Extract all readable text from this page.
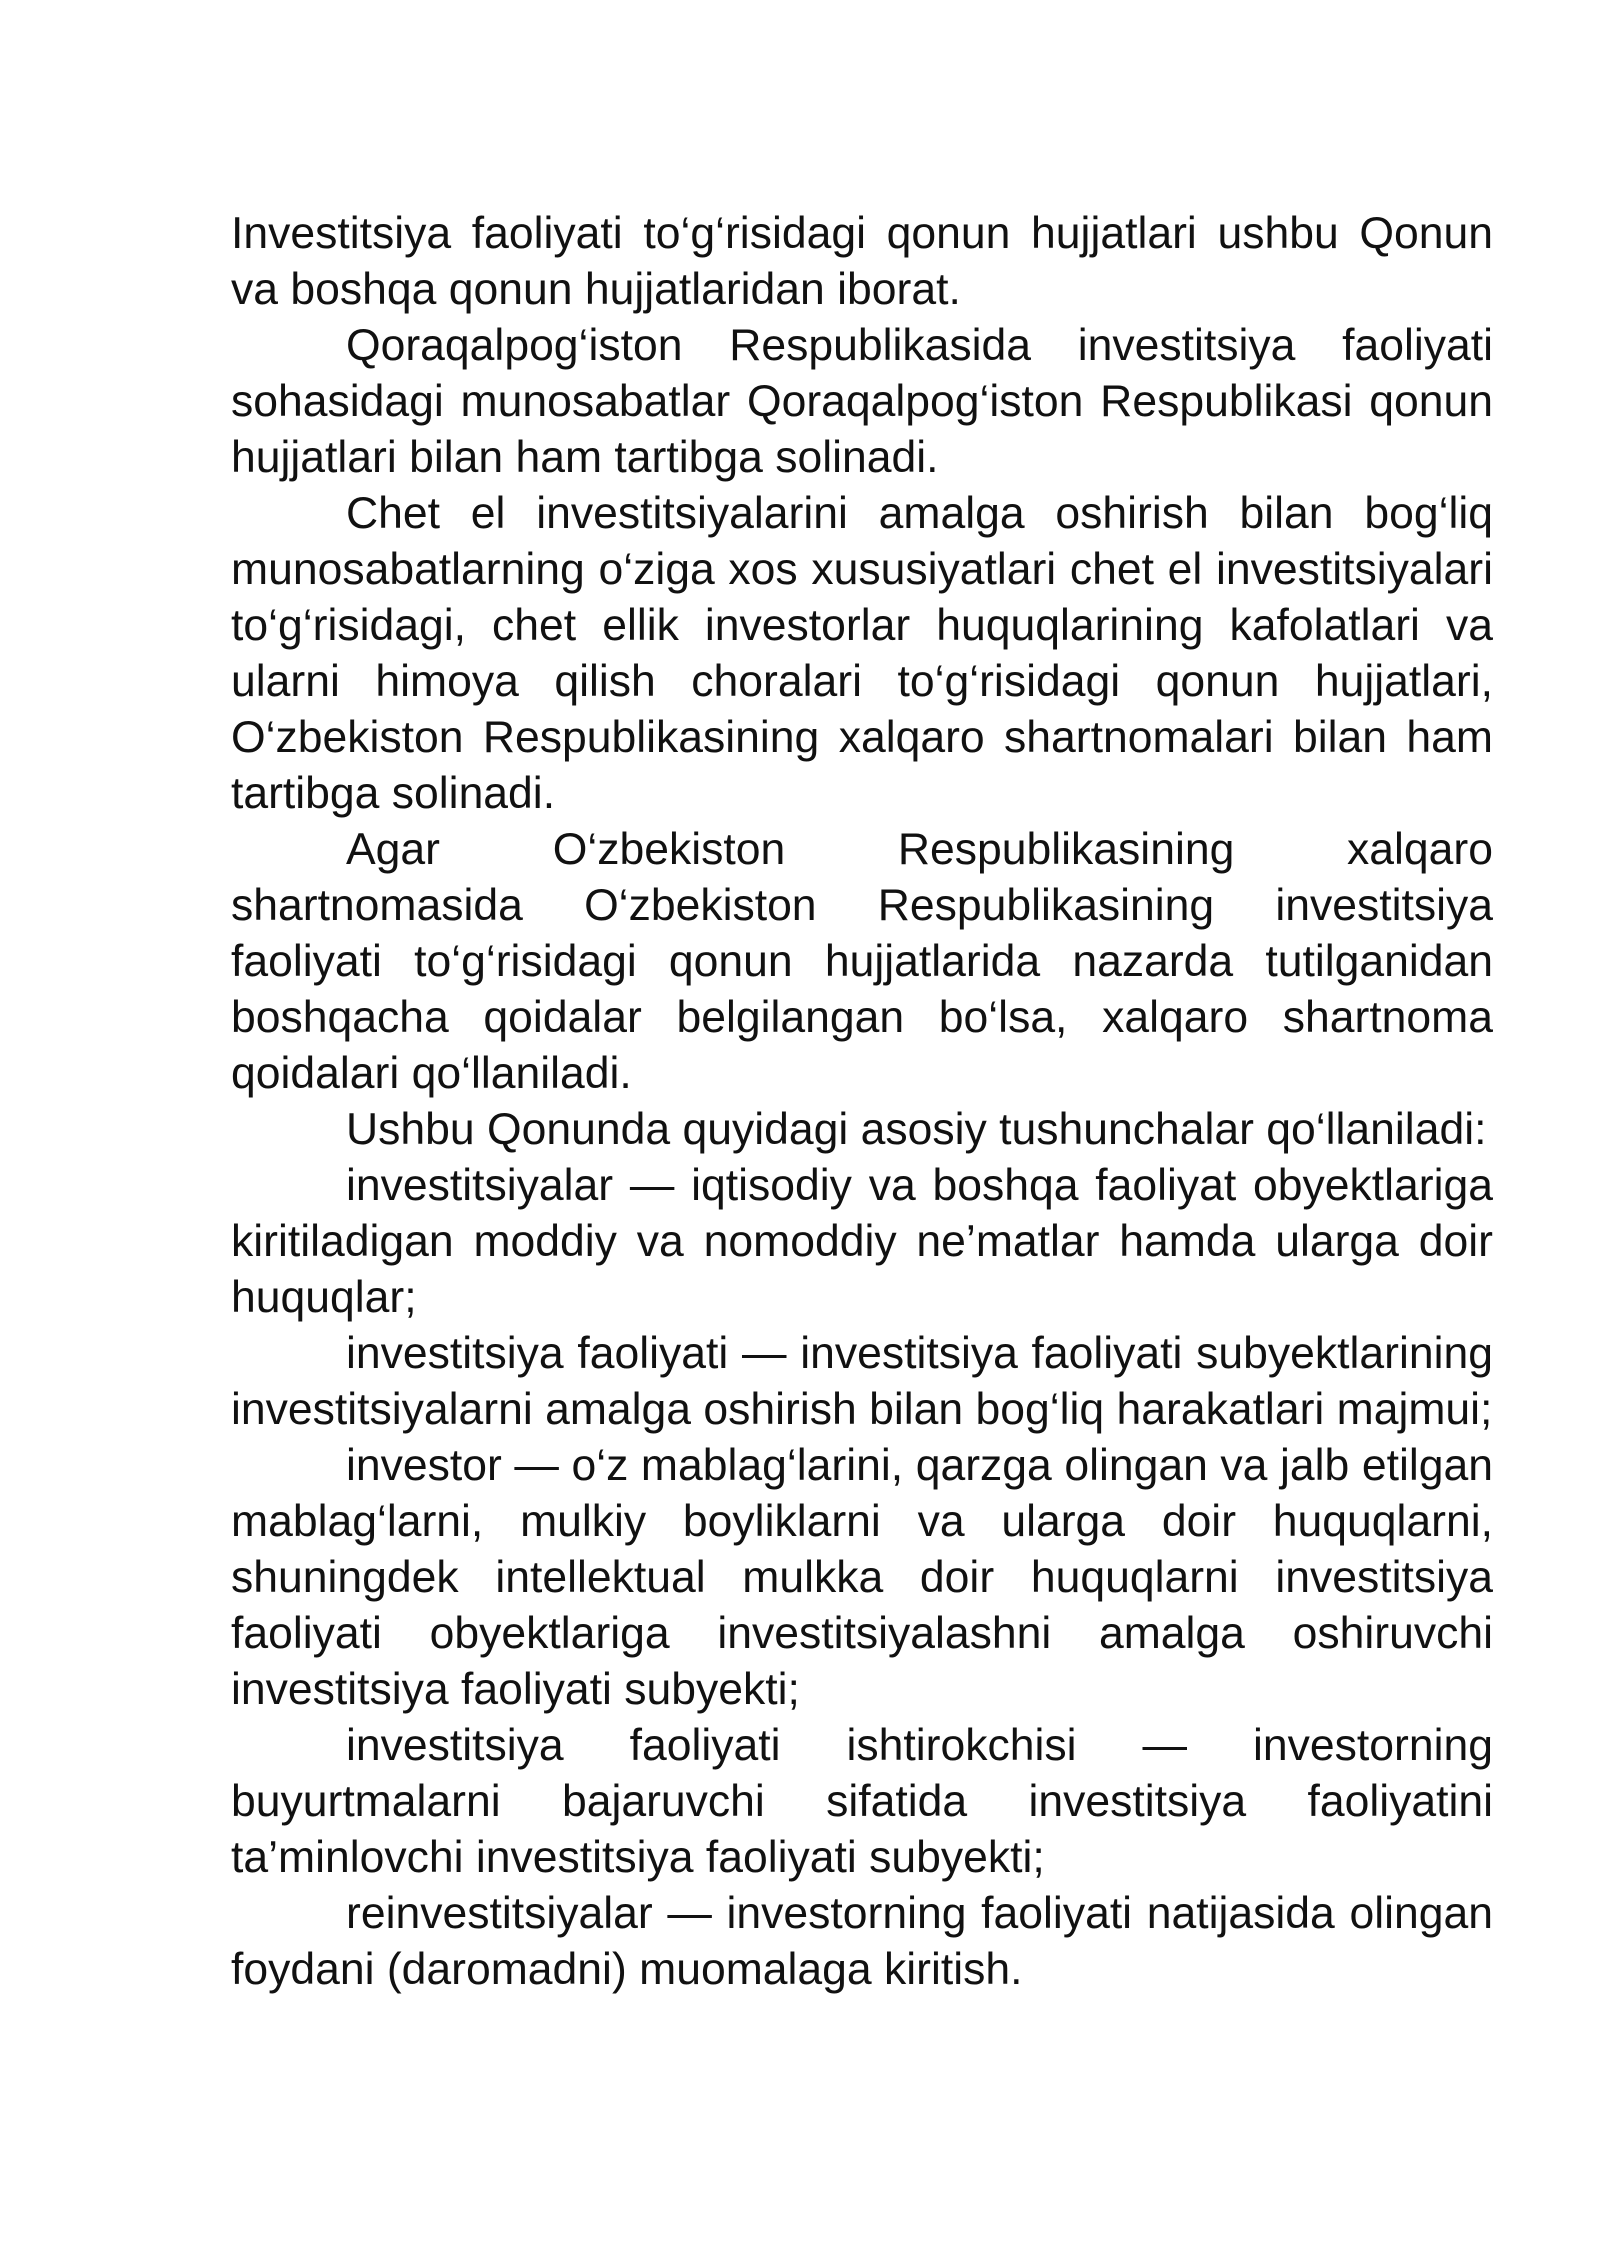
Investitsiya faoliyati to‘g‘risidagi qonun hujjatlari ushbu Qonun va boshqa qonun hujjatlaridan iborat.

Qoraqalpog‘iston Respublikasida investitsiya faoliyati sohasidagi munosabatlar Qoraqalpog‘iston Respublikasi qonun hujjatlari bilan ham tartibga solinadi.

Chet el investitsiyalarini amalga oshirish bilan bog‘liq munosabatlarning o‘ziga xos xususiyatlari chet el investitsiyalari to‘g‘risidagi, chet ellik investorlar huquqlarining kafolatlari va ularni himoya qilish choralari to‘g‘risidagi qonun hujjatlari, O‘zbekiston Respublikasining xalqaro shartnomalari bilan ham tartibga solinadi.

Agar O‘zbekiston Respublikasining xalqaro shartnomasida O‘zbekiston Respublikasining investitsiya faoliyati to‘g‘risidagi qonun hujjatlarida nazarda tutilganidan boshqacha qoidalar belgilangan bo‘lsa, xalqaro shartnoma qoidalari qo‘llaniladi.

Ushbu Qonunda quyidagi asosiy tushunchalar qo‘llaniladi:

investitsiyalar — iqtisodiy va boshqa faoliyat obyektlariga kiritiladigan moddiy va nomoddiy ne’matlar hamda ularga doir huquqlar;

investitsiya faoliyati — investitsiya faoliyati subyektlarining investitsiyalarni amalga oshirish bilan bog‘liq harakatlari majmui;

investor — o‘z mablag‘larini, qarzga olingan va jalb etilgan mablag‘larni, mulkiy boyliklarni va ularga doir huquqlarni, shuningdek intellektual mulkka doir huquqlarni investitsiya faoliyati obyektlariga investitsiyalashni amalga oshiruvchi investitsiya faoliyati subyekti;

investitsiya faoliyati ishtirokchisi — investorning buyurtmalarni bajaruvchi sifatida investitsiya faoliyatini ta’minlovchi investitsiya faoliyati subyekti;

reinvestitsiyalar — investorning faoliyati natijasida olingan foydani (daromadni) muomalaga kiritish.
